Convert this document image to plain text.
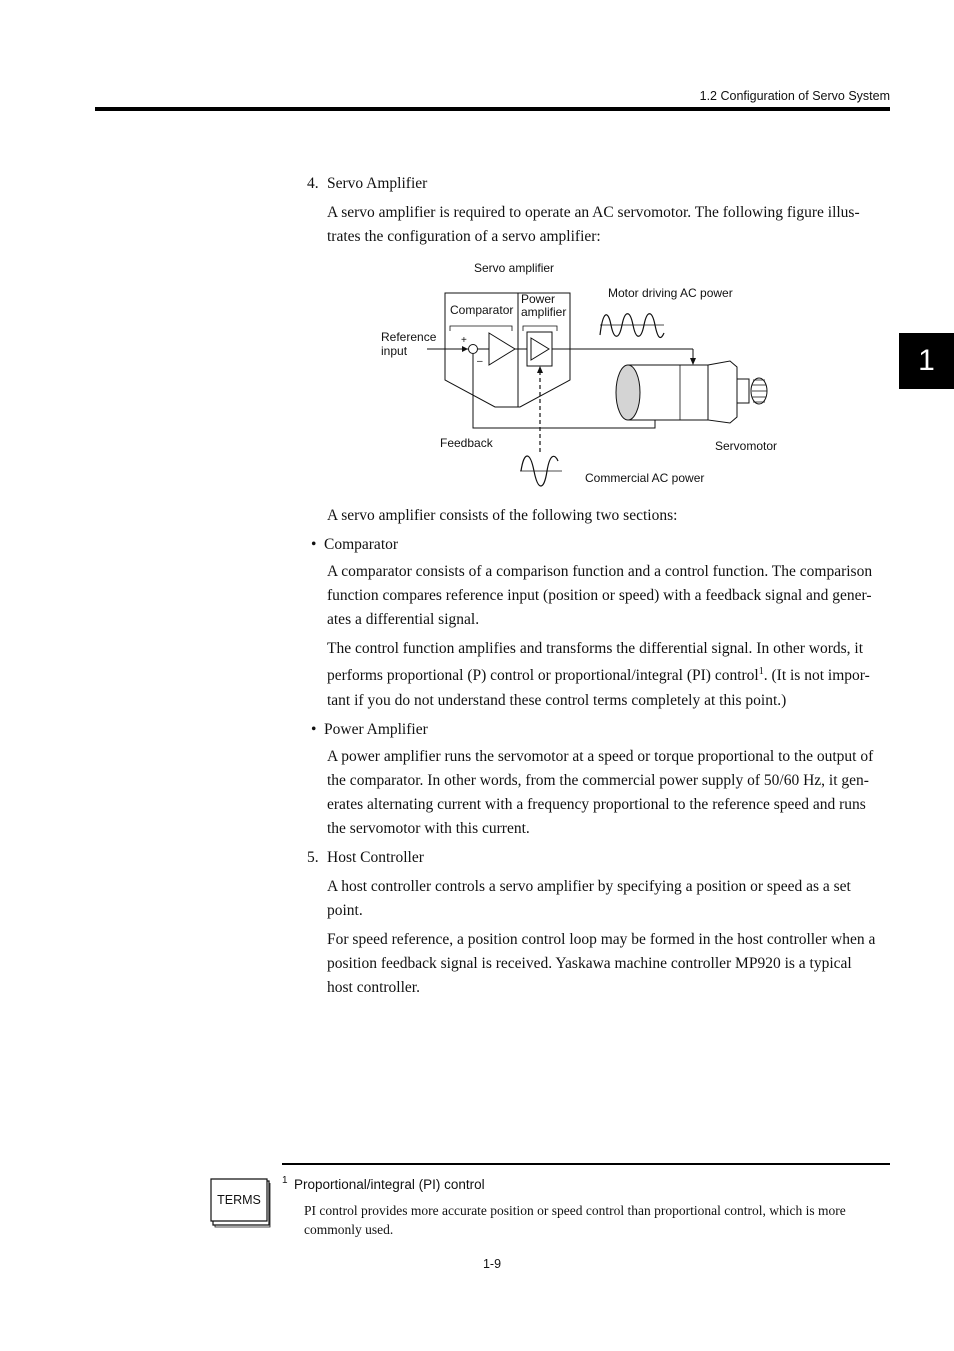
1.2 Configuration of Servo System
1
4. Servo Amplifier
A servo amplifier is required to operate an AC servomotor. The following figure illus-
trates the configuration of a servo amplifier:
Servo amplifier
Comparator
Power
amplifier
Motor driving AC power
Reference
input
+
–
Feedback	Servomotor
Commercial AC power
A servo amplifier consists of the following two sections:
• Comparator
A comparator consists of a comparison function and a control function. The comparison
function compares reference input (position or speed) with a feedback signal and gener-
ates a differential signal.
The control function amplifies and transforms the differential signal. In other words, it
performs proportional (P) control or proportional/integral (PI) control$^1$. (It is not impor-
tant if you do not understand these control terms completely at this point.)
• Power Amplifier
A power amplifier runs the servomotor at a speed or torque proportional to the output of
the comparator. In other words, from the commercial power supply of 50/60 Hz, it gen-
erates alternating current with a frequency proportional to the reference speed and runs
the servomotor with this current.
5. Host Controller
A host controller controls a servo amplifier by specifying a position or speed as a set
point.
For speed reference, a position control loop may be formed in the host controller when a
position feedback signal is received. Yaskawa machine controller MP920 is a typical
host controller.
TERMS
1 Proportional/integral (PI) control
PI control provides more accurate position or speed control than proportional control, which is more commonly used.
1-9
